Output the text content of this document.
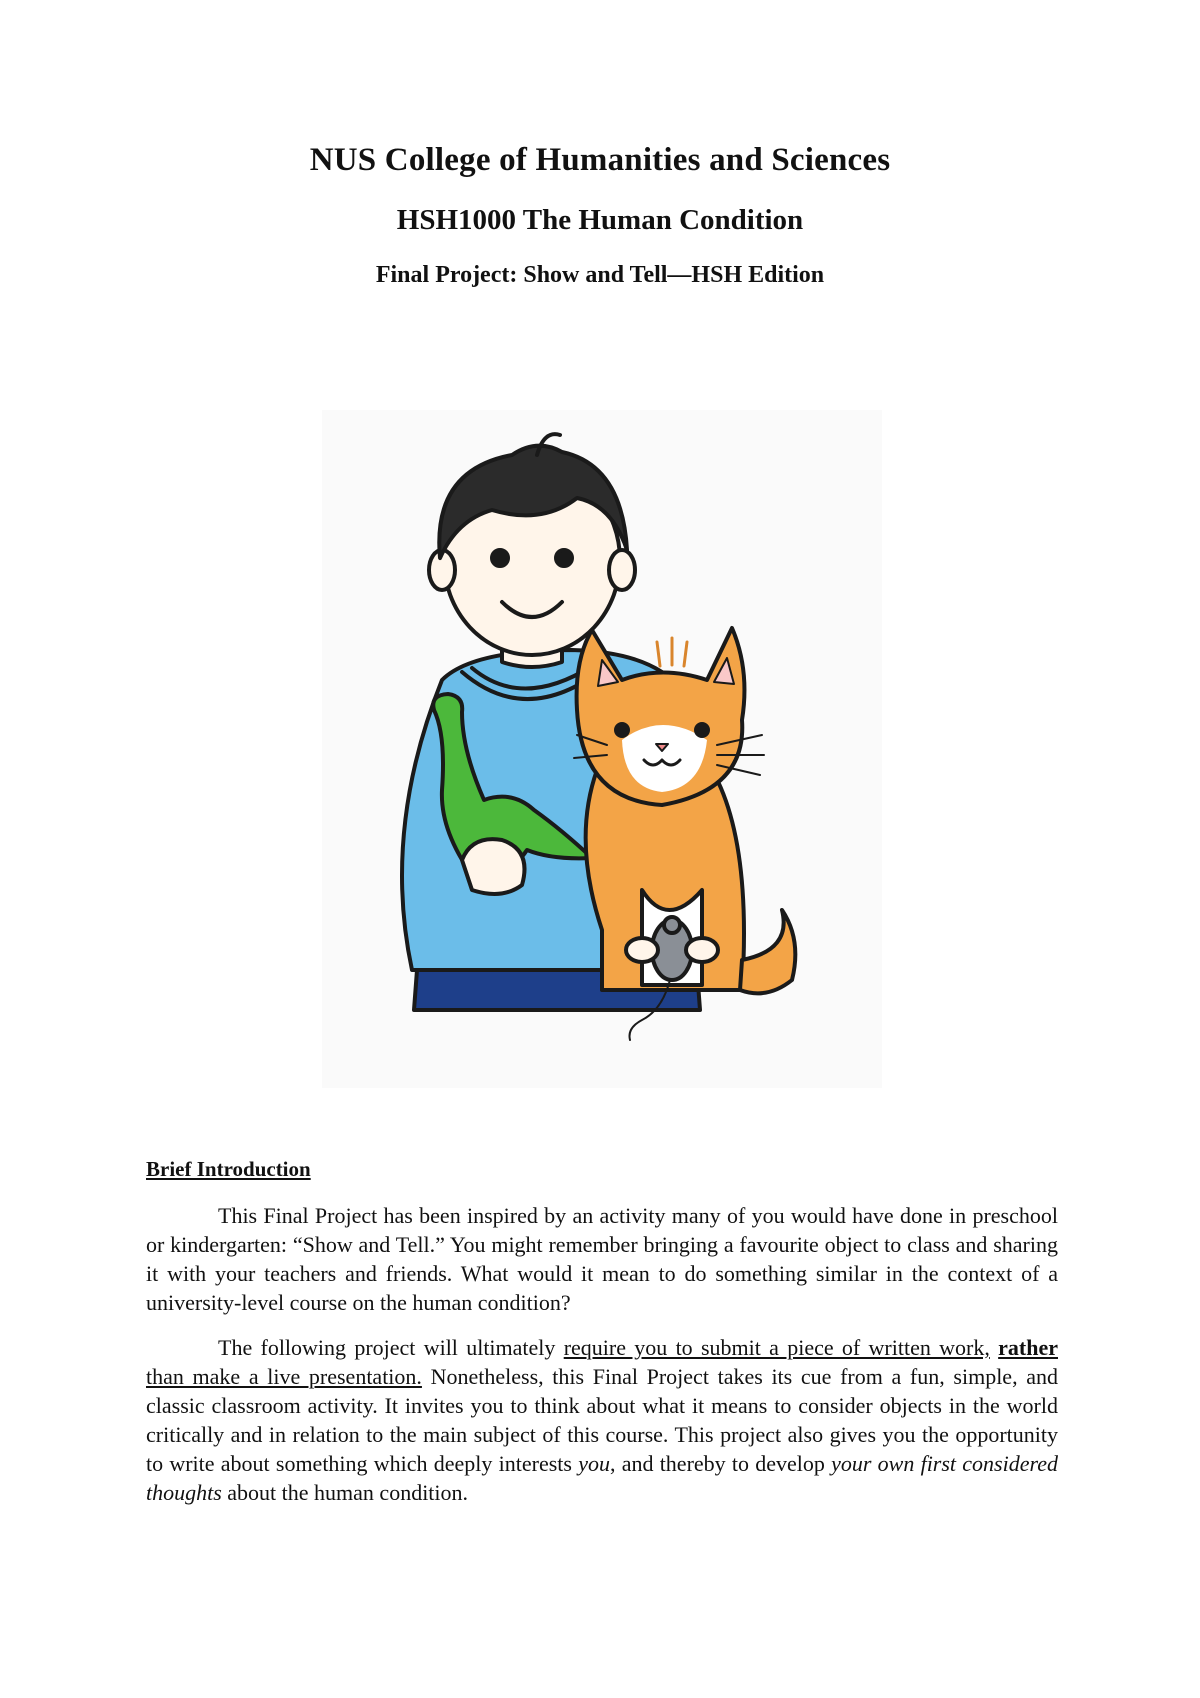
NUS College of Humanities and Sciences
HSH1000 The Human Condition
Final Project: Show and Tell—HSH Edition
Brief Introduction

This Final Project has been inspired by an activity many of you would have done in preschool or kindergarten: “Show and Tell.” You might remember bringing a favourite object to class and sharing it with your teachers and friends. What would it mean to do something similar in the context of a university-level course on the human condition?

The following project will ultimately require you to submit a piece of written work, rather than make a live presentation. Nonetheless, this Final Project takes its cue from a fun, simple, and classic classroom activity. It invites you to think about what it means to consider objects in the world critically and in relation to the main subject of this course. This project also gives you the opportunity to write about something which deeply interests you, and thereby to develop your own first considered thoughts about the human condition.
